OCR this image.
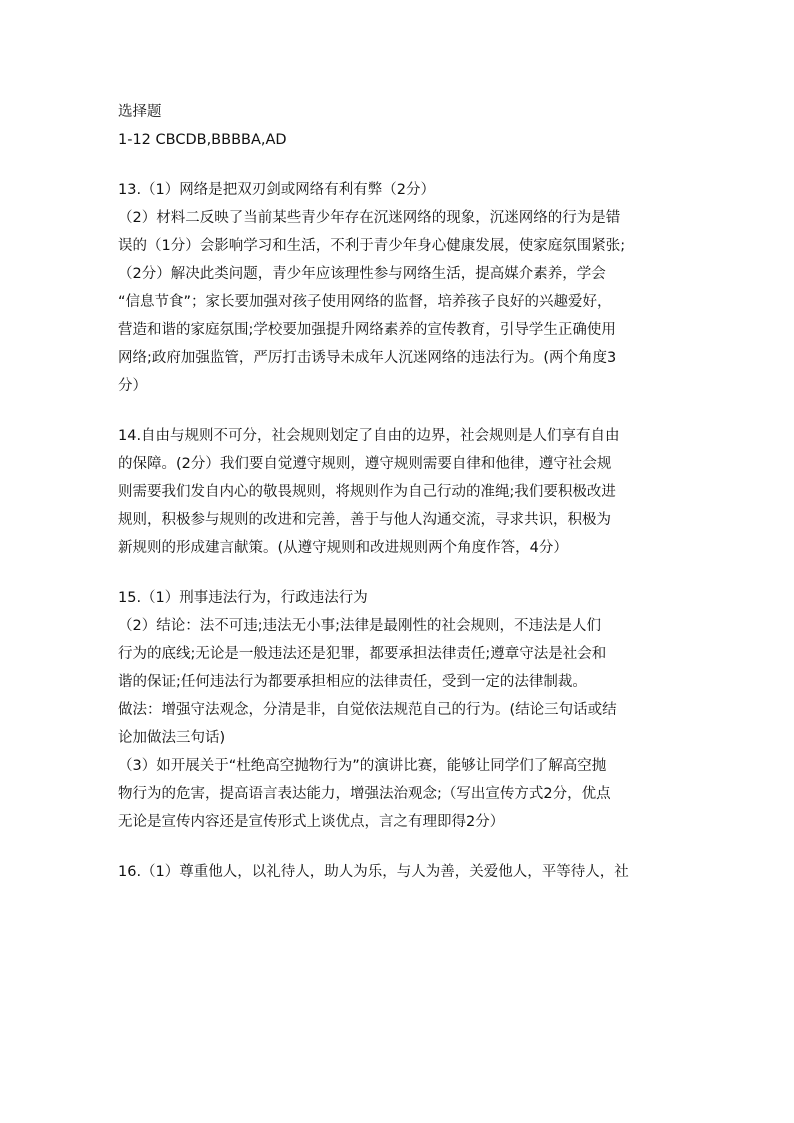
选择题

1-12 CBCDB,BBBBA,AD

13.（1）网络是把双刃剑或网络有利有弊（2分）

（2）材料二反映了当前某些青少年存在沉迷网络的现象，沉迷网络的行为是错

误的（1分）会影响学习和生活，不利于青少年身心健康发展，使家庭氛围紧张;

（2分）解决此类问题，青少年应该理性参与网络生活，提高媒介素养，学会

“信息节食”；家长要加强对孩子使用网络的监督，培养孩子良好的兴趣爱好，

营造和谐的家庭氛围;学校要加强提升网络素养的宣传教育，引导学生正确使用

网络;政府加强监管，严厉打击诱导未成年人沉迷网络的违法行为。(两个角度3

分）

14.自由与规则不可分，社会规则划定了自由的边界，社会规则是人们享有自由

的保障。(2分）我们要自觉遵守规则，遵守规则需要自律和他律，遵守社会规

则需要我们发自内心的敬畏规则，将规则作为自己行动的准绳;我们要积极改进

规则，积极参与规则的改进和完善，善于与他人沟通交流，寻求共识，积极为

新规则的形成建言献策。(从遵守规则和改进规则两个角度作答，4分）

15.（1）刑事违法行为，行政违法行为

（2）结论：法不可违;违法无小事;法律是最刚性的社会规则，不违法是人们

行为的底线;无论是一般违法还是犯罪，都要承担法律责任;遵章守法是社会和

谐的保证;任何违法行为都要承担相应的法律责任，受到一定的法律制裁。

做法：增强守法观念，分清是非，自觉依法规范自己的行为。(结论三句话或结

论加做法三句话)

（3）如开展关于“杜绝高空抛物行为”的演讲比赛，能够让同学们了解高空抛

物行为的危害，提高语言表达能力，增强法治观念;（写出宣传方式2分，优点

无论是宣传内容还是宣传形式上谈优点，言之有理即得2分）

16.（1）尊重他人，以礼待人，助人为乐，与人为善，关爱他人，平等待人，社
